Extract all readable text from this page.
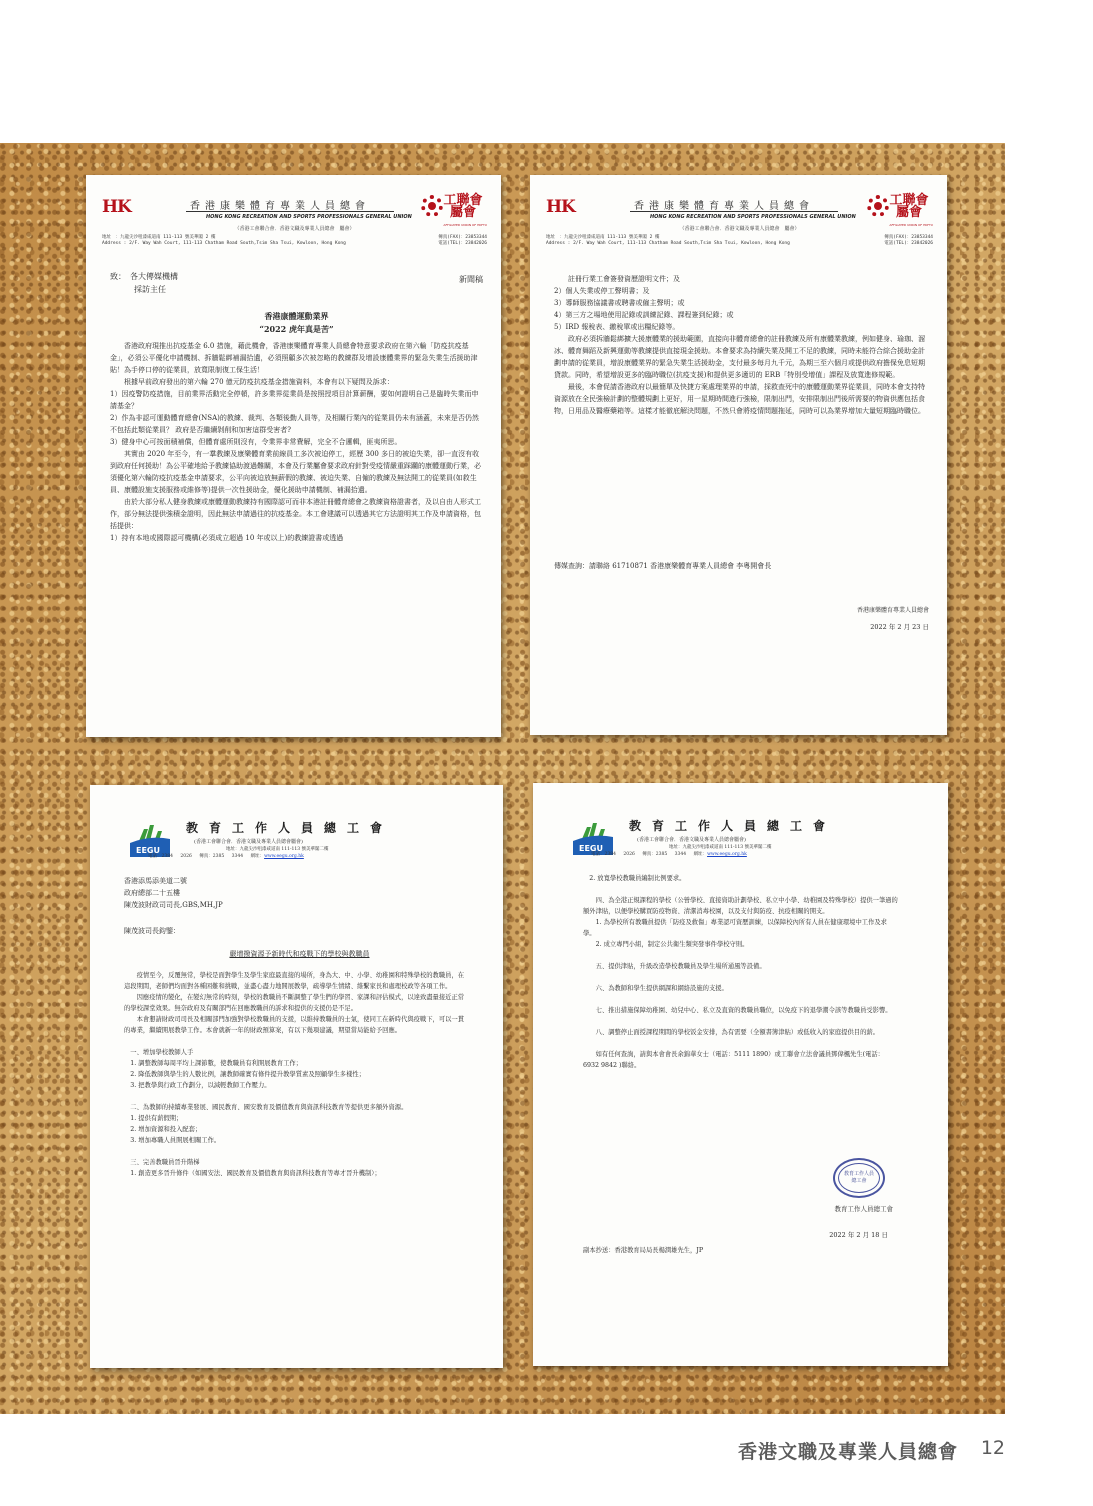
HK	香港康樂體育專業人員總會
HONG KONG RECREATION AND SPORTS PROFESSIONALS GENERAL UNION
工聯會 屬會
AFFILIATED UNION OF HKFTU
（香港工會聯合會．香港文職及專業人員總會　屬會）
地址　：九龍尖沙咀漆咸道南 111-113 號美華閣 2 樓
Address : 2/F. Way Wah Court, 111-113 Chatham Road South,Tsim Sha Tsui, Kowloon, Hong Kong
傳真(FAX)：23853344
電話(TEL)：23842026
致：　各大傳媒機構
　　　採訪主任
新聞稿
香港康體運動業界
“2022 虎年真是苦”
　　香港政府現推出抗疫基金 6.0 措施，藉此機會，香港康樂體育專業人員總會特意要求政府在第六輪「防疫抗疫基金」，必須公平優化申請機制、拆牆鬆綁補漏拾遺，必須照顧多次被忽略的教練群及增設康體業界的緊急失業生活援助津貼！為手停口停的從業員，放寬限制復工保生活！
　　根據早前政府發出的第六輪 270 億元防疫抗疫基金措施資料，本會有以下疑問及訴求：
1）因疫警防疫措施，目前業界活動完全停頓，許多業界從業員是按照授項目計算薪酬，要如何證明自己是臨時失業而申請基金？
2）作為非認可運動體育總會(NSA)的教練、裁判、各類後勤人員等，及相關行業內的從業員仍未有涵蓋，未來是否仍然不包括此類從業員？ 政府是否繼續剝削和加害這群受害者?
3）健身中心可按面積補償，但體育處所則沒有，令業界非常費解，完全不合邏輯，匪夷所思。
　　其實由 2020 年至今，有一羣教練及康樂體育業前線員工多次被迫停工，經歷 300 多日的被迫失業，卻一直沒有收到政府任何援助！為公平確地給予教練協助渡過難關，本會及行業屬會要求政府針對受疫情嚴重踩躪的康體運動行業，必須優化第六輪防疫抗疫基金申請要求，公平向被迫放無薪假的教練、被迫失業、自僱的教練及無法開工的從業員(如救生員、康體設施支援服務或維修等)提供一次性援助金，優化援助申請機制、補漏拾遺。
　　由於大部分私人健身教練或康體運動教練持有國際認可而非本港註冊體育總會之教練資格證書者，及以自由人形式工作，部分無法提供強積金證明，因此無法申請過往的抗疫基金。本工會建議可以透過其它方法證明其工作及申請資格，包括提供：
1）持有本地或國際認可機構(必須成立超過 10 年或以上)的教練證書或透過
HK	香港康樂體育專業人員總會
HONG KONG RECREATION AND SPORTS PROFESSIONALS GENERAL UNION
工聯會 屬會
AFFILIATED UNION OF HKFTU
（香港工會聯合會．香港文職及專業人員總會　屬會）
地址　：九龍尖沙咀漆咸道南 111-113 號美華閣 2 樓
Address : 2/F. Way Wah Court, 111-113 Chatham Road South,Tsim Sha Tsui, Kowloon, Hong Kong
傳真(FAX)：23853344
電話(TEL)：23842026
　　註冊行業工會簽發資歷證明文件；及
2）個人失業或停工聲明書；及
3）導師服務協議書或聘書或僱主聲明；或
4）第三方之場地使用記錄或訓練記錄、課程簽到紀錄；或
5）IRD 報稅表、繳稅單或出糧紀錄等。
　　政府必須拆牆鬆綁擴大援康體業的援助範圍，直接向非體育總會的註冊教練及所有康體業教練，例如健身、瑜珈、溜冰、體育舞蹈及新興運動等教練提供直接現金援助。本會要求為持續失業及開工不足的教練，同時未能符合綜合援助金計劃申請的從業員，增設康體業界的緊急失業生活援助金，支付最多每月九千元，為期三至六個月或提供政府擔保免息短期貸款。同時，希望增設更多的臨時職位(抗疫支援)和提供更多適切的 ERB「特別受增值」課程及放寬進修規範。
　　最後，本會促請香港政府以最簡單及快捷方案處理業界的申請，採救查死中的康體運動業界從業員，同時本會支持特資源放在全民強檢計劃的整體規劃上更好，用一星期時間進行強檢，限制出門，安排限制出門後所需要的物資供應包括食物，日用品及醫療藥箱等。這樣才能徹底解決問題，不然只會將疫情問題拖延，同時可以為業界增加大量短期臨時職位。
傳媒查詢：請聯絡 61710871 香港康樂體育專業人員總會 李粵開會長
香港康樂體育專業人員總會
2022 年 2 月 23 日
EEGU
教育工作人員總工會
(香港工會聯合會．香港文職及專業人員總會屬會)
地址：九龍尖沙咀漆咸道南 111-113 號美華閣二樓
電話：2384 2026 傳真：2385 3344 網址：www.eegu.org.hk
香港添馬添美道二號
政府總部二十五樓
陳茂波財政司司長,GBS,MH,JP
陳茂波司長鈞鑒：
嚴增撥資源予新時代和疫戰下的學校與教職員
　　疫情至今，反覆無常，學校是面對學生及學生家庭最直接的場所，身為大、中、小學、幼稚園和特殊學校的教職員，在這段期間，老師們均面對各種困難和挑戰，並盡心盡力地開展教學，疏導學生情緒、維繫家長和處理校政等各項工作。
　　因應疫情的變化，在變幻無常的時刻，學校的教職員不斷調整了學生們的學習、家課和評估模式，以達致盡量接近正常的學校課堂效果。無奈政府及有關部門在回應教職員的訴求和提供的支援仍是不足。
　　本會懇請財政司司長及相關部門加強對學校教職員的支援，以維持教職員的士氣，使同工在新時代與疫戰下，可以一貫的專業，繼續開展教學工作。本會就新一年的財政預算案，有以下幾項建議，期望當局能給予回應。

　一、增加學校教師人手
　1. 調整教師每周平均上課節數，使教職員有利開展教育工作；
　2. 降低教師與學生的人數比例，讓教師確實有條件提升教學質素及照顧學生多樣性；
　3. 把教學與行政工作劃分，以減輕教師工作壓力。

　二、為教師的持續專業發展、國民教育、國安教育及價值教育與資訊科技教育等提供更多額外資源。
　1. 提供有薪假期；
　2. 增加資源和投入配套；
　3. 增加專職人員開展相關工作。

　三、完善教職員晉升階梯
　1. 創造更多晉升條件（如國安法、國民教育及價值教育與資訊科技教育等專才晉升機制）；
EEGU
教育工作人員總工會
(香港工會聯合會．香港文職及專業人員總會屬會)
地址：九龍尖沙咀漆咸道南 111-113 號美華閣二樓
電話：2384 2026 傳真：2385 3344 網址：www.eegu.org.hk
　2. 放寬學校教職員編制比例要求。

　　四、為全港正規課程的學校（公營學校、直接資助計劃學校、私立中小學、幼稚園及特殊學校）提供一筆過的額外津貼，以便學校購買防疫物資、清潔消毒校園，以及支付與防疫、抗疫相關的開支。
　　1. 為學校所有教職員提供「防疫及救傷」專業認可資歷訓練，以保障校內所有人員在健康環境中工作及求學。
　　2. 成立專門小組，制定公共衛生類突發事件學校守則。

　　五、提供津貼，升級改造學校教職員及學生場所通風等設備。

　　六、為教師和學生提供網課和網絡設施的支援。

　　七、推出措施保障幼稚園、幼兒中心、私立及直資的教職員職位，以免疫下的退學潮令該等教職員受影響。

　　八、調整停止面授課程期間的學校饭金安排，為有需要（全額書簿津貼）或低收入的家庭提供目的薪。

　　如有任何查詢，請與本會會長余錦華女士（電話：5111 1890）或工聯會立法會議員鄧偉楓先生(電話：6932 9842 )聯絡。
教育工作人員
總工會
教育工作人員總工會
2022 年 2 月 18 日
副本抄送：香港教育局局長楊潤雄先生，JP
香港文職及專業人員總會 12
